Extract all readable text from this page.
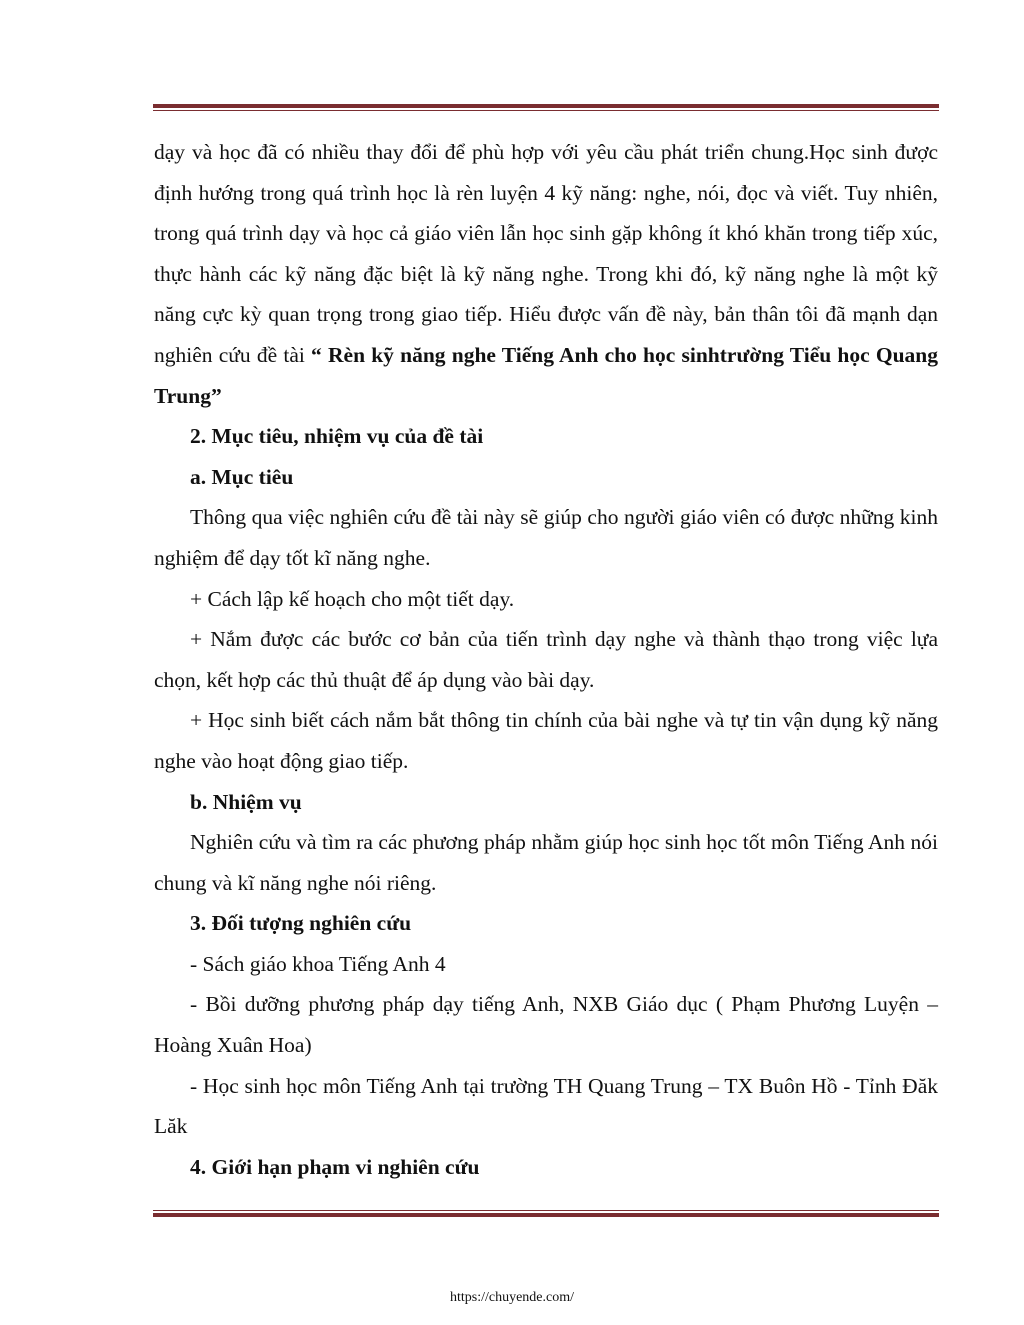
dạy và học đã có nhiều thay đổi để phù hợp với yêu cầu phát triển chung.Học sinh được định hướng trong quá trình học là rèn luyện 4 kỹ năng: nghe, nói, đọc và viết. Tuy nhiên, trong quá trình dạy và học cả giáo viên lẫn học sinh gặp không ít khó khăn trong tiếp xúc, thực hành các kỹ năng đặc biệt là kỹ năng nghe. Trong khi đó, kỹ năng nghe là một kỹ năng cực kỳ quan trọng trong giao tiếp. Hiểu được vấn đề này, bản thân tôi đã mạnh dạn nghiên cứu đề tài “ Rèn kỹ năng nghe Tiếng Anh cho học sinhtrường Tiểu học Quang Trung”

2. Mục tiêu, nhiệm vụ của đề tài

a. Mục tiêu

Thông qua việc nghiên cứu đề tài này sẽ giúp cho người giáo viên có được những kinh nghiệm để dạy tốt kĩ năng nghe.

+ Cách lập kế hoạch cho một tiết dạy.

+ Nắm được các bước cơ bản của tiến trình dạy nghe và thành thạo trong việc lựa chọn, kết hợp các thủ thuật để áp dụng vào bài dạy.

+ Học sinh biết cách nắm bắt thông tin chính của bài nghe và tự tin vận dụng kỹ năng nghe vào hoạt động giao tiếp.

b. Nhiệm vụ

Nghiên cứu và tìm ra các phương pháp nhằm giúp học sinh học tốt môn Tiếng Anh nói chung và kĩ năng nghe nói riêng.

3. Đối tượng nghiên cứu

- Sách giáo khoa Tiếng Anh 4

- Bồi dưỡng phương pháp dạy tiếng Anh, NXB Giáo dục ( Phạm Phương Luyện – Hoàng Xuân Hoa)

- Học sinh học môn Tiếng Anh tại trường TH Quang Trung – TX Buôn Hồ - Tỉnh Đăk Lăk

4. Giới hạn phạm vi nghiên cứu

https://chuyende.com/
